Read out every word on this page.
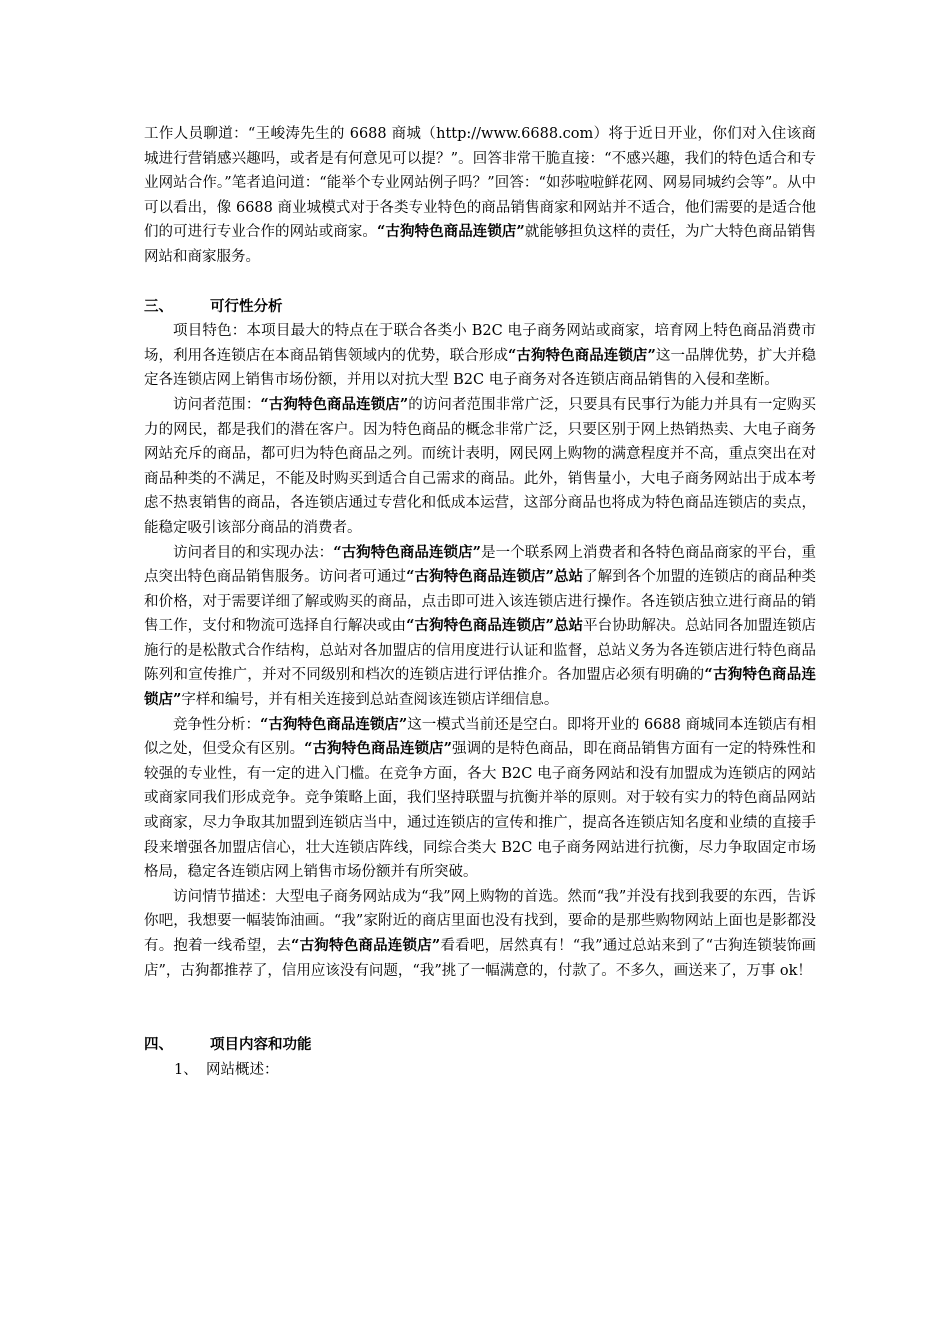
工作人员聊道：“王峻涛先生的 6688 商城（http://www.6688.com）将于近日开业，你们对入住该商城进行营销感兴趣吗，或者是有何意见可以提？”。回答非常干脆直接：“不感兴趣，我们的特色适合和专业网站合作。”笔者追问道：“能举个专业网站例子吗？”回答：“如莎啦啦鲜花网、网易同城约会等”。从中可以看出，像 6688 商业城模式对于各类专业特色的商品销售商家和网站并不适合，他们需要的是适合他们的可进行专业合作的网站或商家。“古狗特色商品连锁店”就能够担负这样的责任，为广大特色商品销售网站和商家服务。

三、	可行性分析

项目特色：本项目最大的特点在于联合各类小 B2C 电子商务网站或商家，培育网上特色商品消费市场，利用各连锁店在本商品销售领域内的优势，联合形成“古狗特色商品连锁店”这一品牌优势，扩大并稳定各连锁店网上销售市场份额，并用以对抗大型 B2C 电子商务对各连锁店商品销售的入侵和垄断。

访问者范围：“古狗特色商品连锁店”的访问者范围非常广泛，只要具有民事行为能力并具有一定购买力的网民，都是我们的潜在客户。因为特色商品的概念非常广泛，只要区别于网上热销热卖、大电子商务网站充斥的商品，都可归为特色商品之列。而统计表明，网民网上购物的满意程度并不高，重点突出在对商品种类的不满足，不能及时购买到适合自己需求的商品。此外，销售量小，大电子商务网站出于成本考虑不热衷销售的商品，各连锁店通过专营化和低成本运营，这部分商品也将成为特色商品连锁店的卖点，能稳定吸引该部分商品的消费者。

访问者目的和实现办法：“古狗特色商品连锁店”是一个联系网上消费者和各特色商品商家的平台，重点突出特色商品销售服务。访问者可通过“古狗特色商品连锁店”总站了解到各个加盟的连锁店的商品种类和价格，对于需要详细了解或购买的商品，点击即可进入该连锁店进行操作。各连锁店独立进行商品的销售工作，支付和物流可选择自行解决或由“古狗特色商品连锁店”总站平台协助解决。总站同各加盟连锁店施行的是松散式合作结构，总站对各加盟店的信用度进行认证和监督，总站义务为各连锁店进行特色商品陈列和宣传推广，并对不同级别和档次的连锁店进行评估推介。各加盟店必须有明确的“古狗特色商品连锁店”字样和编号，并有相关连接到总站查阅该连锁店详细信息。

竞争性分析：“古狗特色商品连锁店”这一模式当前还是空白。即将开业的 6688 商城同本连锁店有相似之处，但受众有区别。“古狗特色商品连锁店”强调的是特色商品，即在商品销售方面有一定的特殊性和较强的专业性，有一定的进入门槛。在竞争方面，各大 B2C 电子商务网站和没有加盟成为连锁店的网站或商家同我们形成竞争。竞争策略上面，我们坚持联盟与抗衡并举的原则。对于较有实力的特色商品网站或商家，尽力争取其加盟到连锁店当中，通过连锁店的宣传和推广，提高各连锁店知名度和业绩的直接手段来增强各加盟店信心，壮大连锁店阵线，同综合类大 B2C 电子商务网站进行抗衡，尽力争取固定市场格局，稳定各连锁店网上销售市场份额并有所突破。

访问情节描述：大型电子商务网站成为“我”网上购物的首选。然而“我”并没有找到我要的东西，告诉你吧，我想要一幅装饰油画。“我”家附近的商店里面也没有找到，要命的是那些购物网站上面也是影都没有。抱着一线希望，去“古狗特色商品连锁店”看看吧，居然真有！“我”通过总站来到了“古狗连锁装饰画店”，古狗都推荐了，信用应该没有问题，“我”挑了一幅满意的，付款了。不多久，画送来了，万事 ok！

四、	项目内容和功能

1、 网站概述：
